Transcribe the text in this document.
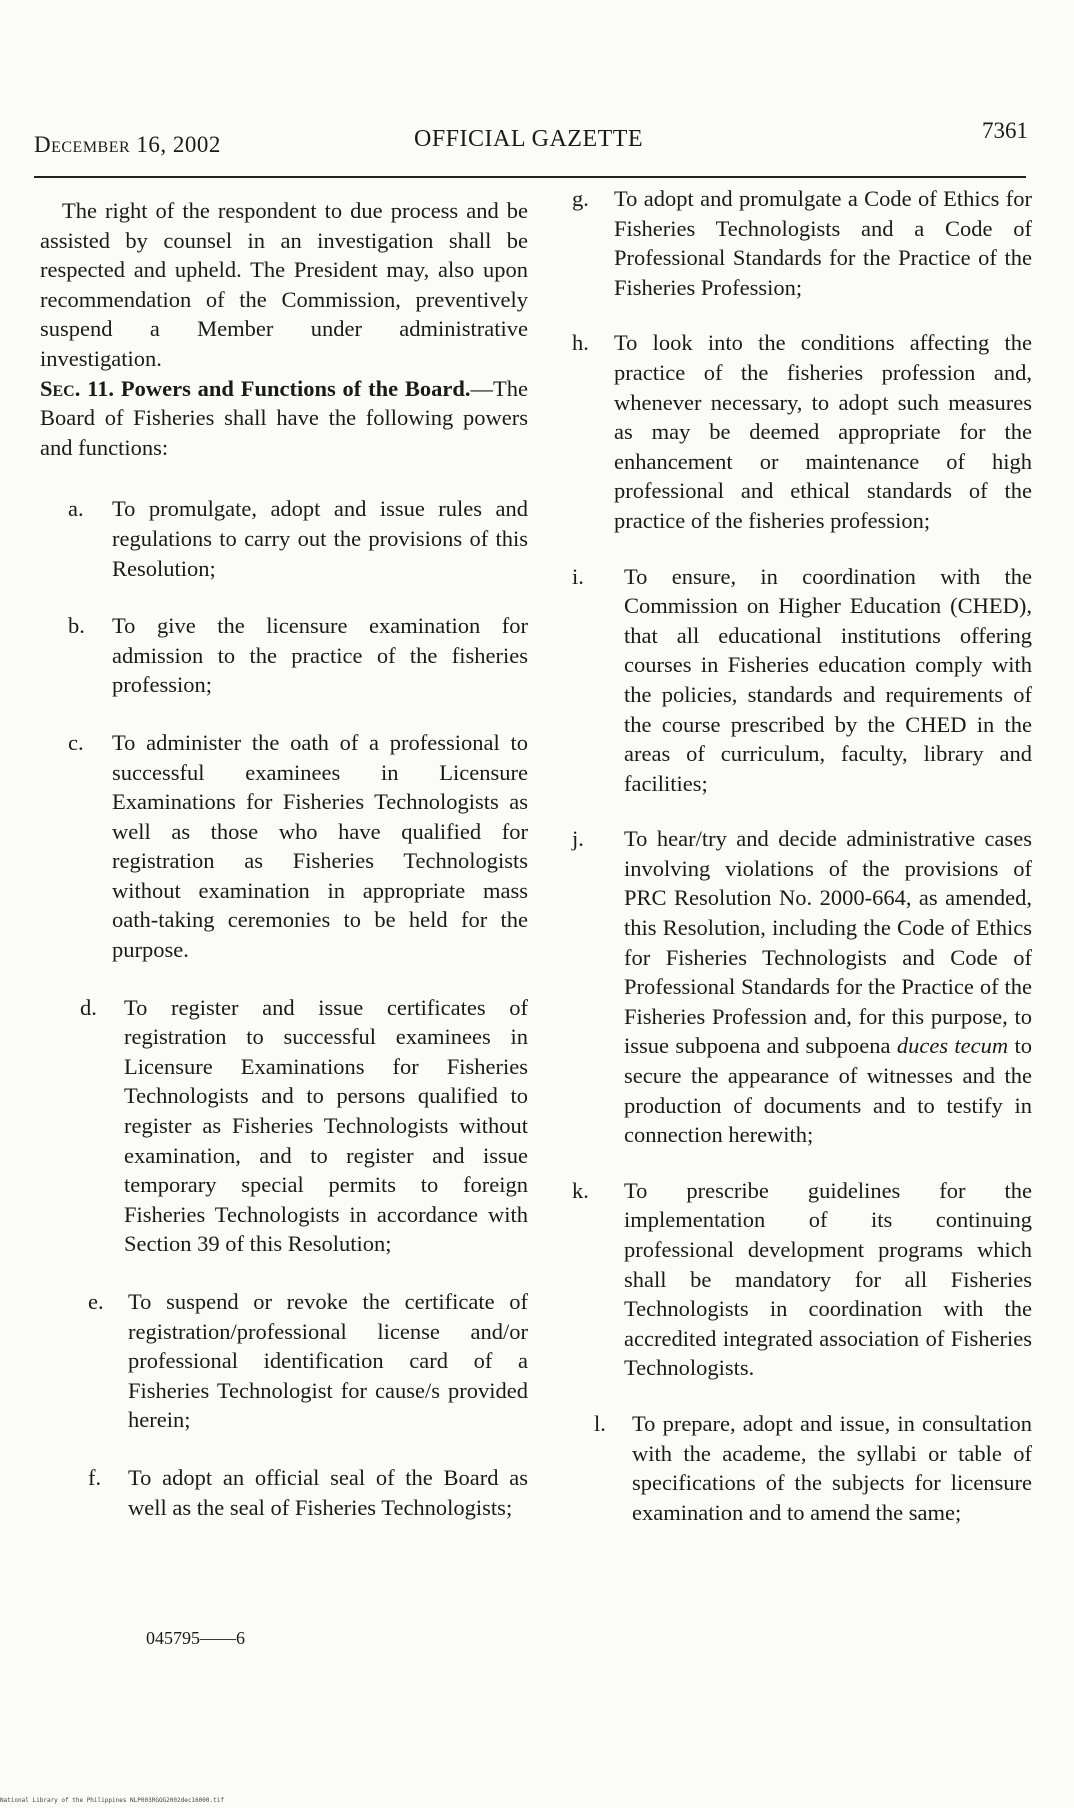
December 16, 2002	OFFICIAL GAZETTE	7361

The right of the respondent to due process and be assisted by counsel in an investigation shall be respected and upheld. The President may, also upon recommendation of the Commission, preventively suspend a Member under administrative investigation.

Sec. 11. Powers and Functions of the Board.—The Board of Fisheries shall have the following powers and functions:

a. To promulgate, adopt and issue rules and regulations to carry out the provisions of this Resolution;
b. To give the licensure examination for admission to the practice of the fisheries profession;
c. To administer the oath of a professional to successful examinees in Licensure Examinations for Fisheries Technologists as well as those who have qualified for registration as Fisheries Technologists without examination in appropriate mass oath-taking ceremonies to be held for the purpose.
d. To register and issue certificates of registration to successful examinees in Licensure Examinations for Fisheries Technologists and to persons qualified to register as Fisheries Technologists without examination, and to register and issue temporary special permits to foreign Fisheries Technologists in accordance with Section 39 of this Resolution;
e. To suspend or revoke the certificate of registration/professional license and/or professional identification card of a Fisheries Technologist for cause/s provided herein;
f. To adopt an official seal of the Board as well as the seal of Fisheries Technologists;
g. To adopt and promulgate a Code of Ethics for Fisheries Technologists and a Code of Professional Standards for the Practice of the Fisheries Profession;
h. To look into the conditions affecting the practice of the fisheries profession and, whenever necessary, to adopt such measures as may be deemed appropriate for the enhancement or maintenance of high professional and ethical standards of the practice of the fisheries profession;
i. To ensure, in coordination with the Commission on Higher Education (CHED), that all educational institutions offering courses in Fisheries education comply with the policies, standards and requirements of the course prescribed by the CHED in the areas of curriculum, faculty, library and facilities;
j. To hear/try and decide administrative cases involving violations of the provisions of PRC Resolution No. 2000-664, as amended, this Resolution, including the Code of Ethics for Fisheries Technologists and Code of Professional Standards for the Practice of the Fisheries Profession and, for this purpose, to issue subpoena and subpoena duces tecum to secure the appearance of witnesses and the production of documents and to testify in connection herewith;
k. To prescribe guidelines for the implementation of its continuing professional development programs which shall be mandatory for all Fisheries Technologists in coordination with the accredited integrated association of Fisheries Technologists.
l. To prepare, adopt and issue, in consultation with the academe, the syllabi or table of specifications of the subjects for licensure examination and to amend the same;
045795——6
National Library of the Philippines NLP003RGOG2002dec16000.tif
